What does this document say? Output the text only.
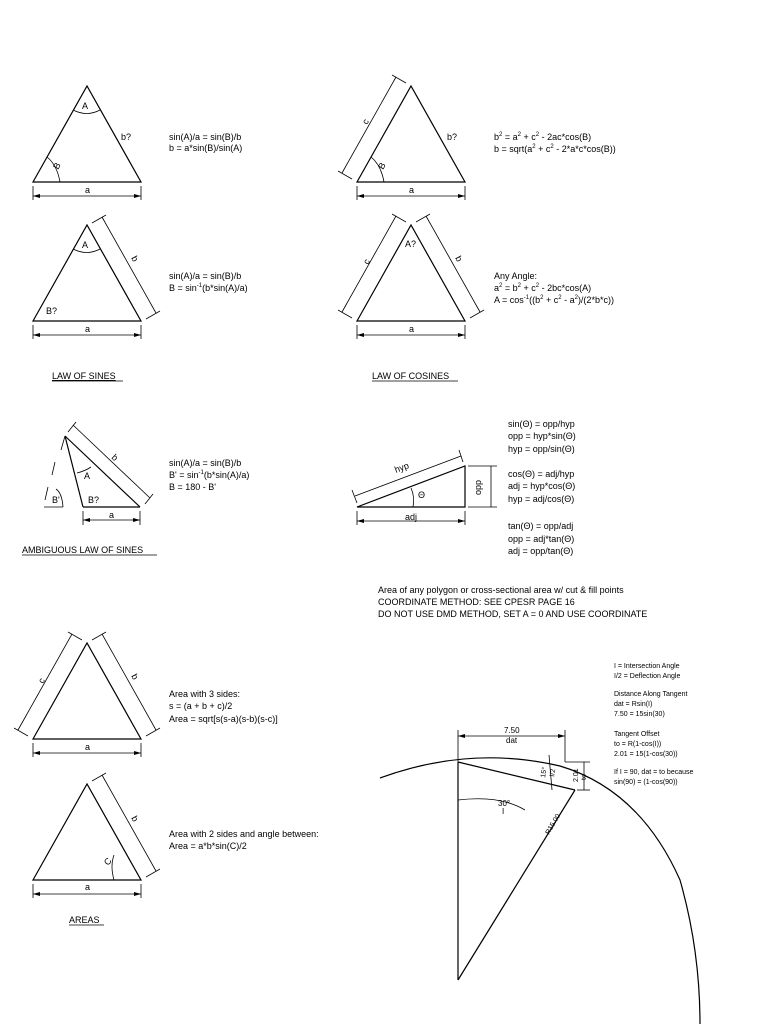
A
B
b?
a
sin(A)/a = sin(B)/b
b = a*sin(B)/sin(A)
A
B?
b
a
sin(A)/a = sin(B)/b
$B = \sin^{-1}(b*\sin(A)/a)$
LAW OF SINES
c
B
b?
a
$b^2 = a^2 + c^2 - 2ac*\cos(B)$
$b = sqrt(a^2 + c^2 - 2*a*c*\cos(B))$
c
A?
b
a
Any Angle:
$a^2 = b^2 + c^2 - 2bc*\cos(A)$
$A = \cos^{-1}((b^2 + c^2 - a^2)/(2*b*c))$
LAW OF COSINES
b
A
B'	B?
a
sin(A)/a = sin(B)/b
$B' = \sin^{-1}(b*\sin(A)/a)$
B = 180 - B'
AMBIGUOUS LAW OF SINES
hyp
Θ
adj
opp
sin(Θ) = opp/hyp
opp = hyp*sin(Θ)
hyp = opp/sin(Θ)
cos(Θ) = adj/hyp
adj = hyp*cos(Θ)
hyp = adj/cos(Θ)
tan(Θ) = opp/adj
opp = adj*tan(Θ)
adj = opp/tan(Θ)
Area of any polygon or cross-sectional area w/ cut & fill points
COORDINATE METHOD: SEE CPESR PAGE 16
DO NOT USE DMD METHOD, SET A = 0 AND USE COORDINATE
c	b
a
Area with 3 sides:
s = (a + b + c)/2
Area = sqrt[s(s-a)(s-b)(s-c)]
b
C
a
Area with 2 sides and angle between:
Area = a*b*sin(C)/2
AREAS
7.50
dat
2.01 to
15° I/2
R15.00
30°
I
I = Intersection Angle
I/2 = Deflection Angle
Distance Along Tangent
dat = Rsin(I)
7.50 = 15sin(30)
Tangent Offset
to = R(1-cos(I))
2.01 = 15(1-cos(30))
If I = 90, dat = to because
sin(90) = (1-cos(90))
